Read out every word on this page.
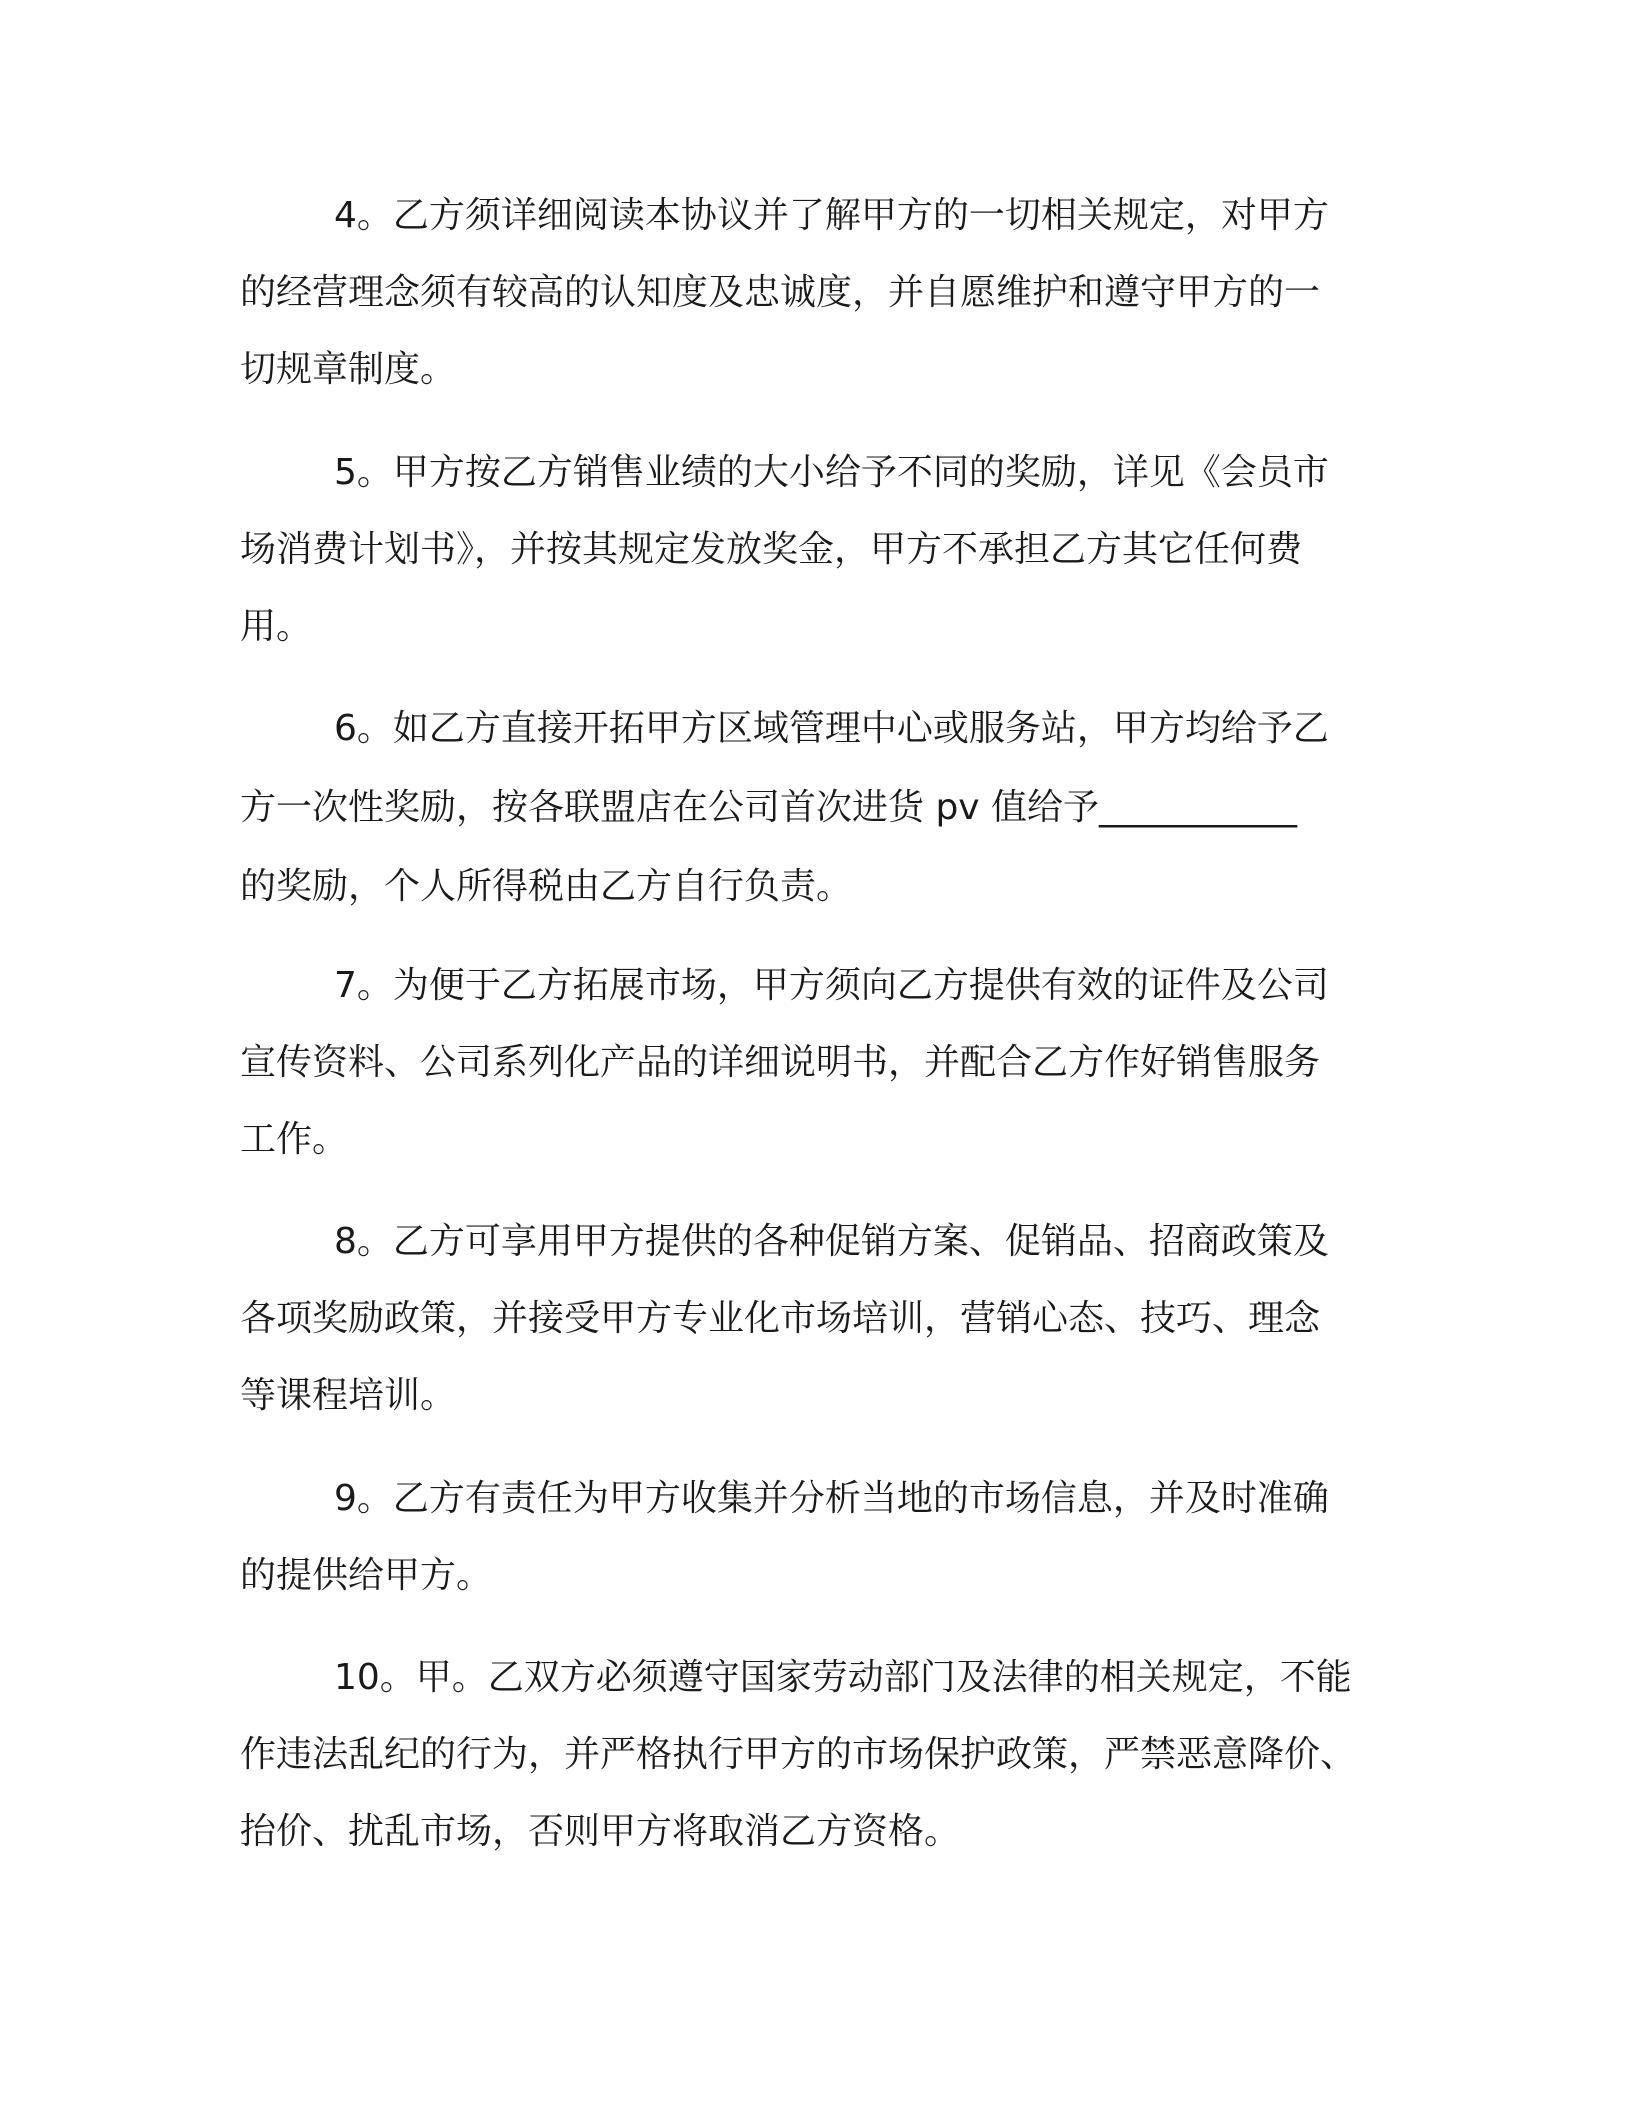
4。乙方须详细阅读本协议并了解甲方的一切相关规定，对甲方
的经营理念须有较高的认知度及忠诚度，并自愿维护和遵守甲方的一
切规章制度。
5。甲方按乙方销售业绩的大小给予不同的奖励，详见《会员市
场消费计划书》，并按其规定发放奖金，甲方不承担乙方其它任何费
用。
6。如乙方直接开拓甲方区域管理中心或服务站，甲方均给予乙
方一次性奖励，按各联盟店在公司首次进货 pv 值给予___________
的奖励，个人所得税由乙方自行负责。
7。为便于乙方拓展市场，甲方须向乙方提供有效的证件及公司
宣传资料、公司系列化产品的详细说明书，并配合乙方作好销售服务
工作。
8。乙方可享用甲方提供的各种促销方案、促销品、招商政策及
各项奖励政策，并接受甲方专业化市场培训，营销心态、技巧、理念
等课程培训。
9。乙方有责任为甲方收集并分析当地的市场信息，并及时准确
的提供给甲方。
10。甲。乙双方必须遵守国家劳动部门及法律的相关规定，不能
作违法乱纪的行为，并严格执行甲方的市场保护政策，严禁恶意降价、
抬价、扰乱市场，否则甲方将取消乙方资格。
